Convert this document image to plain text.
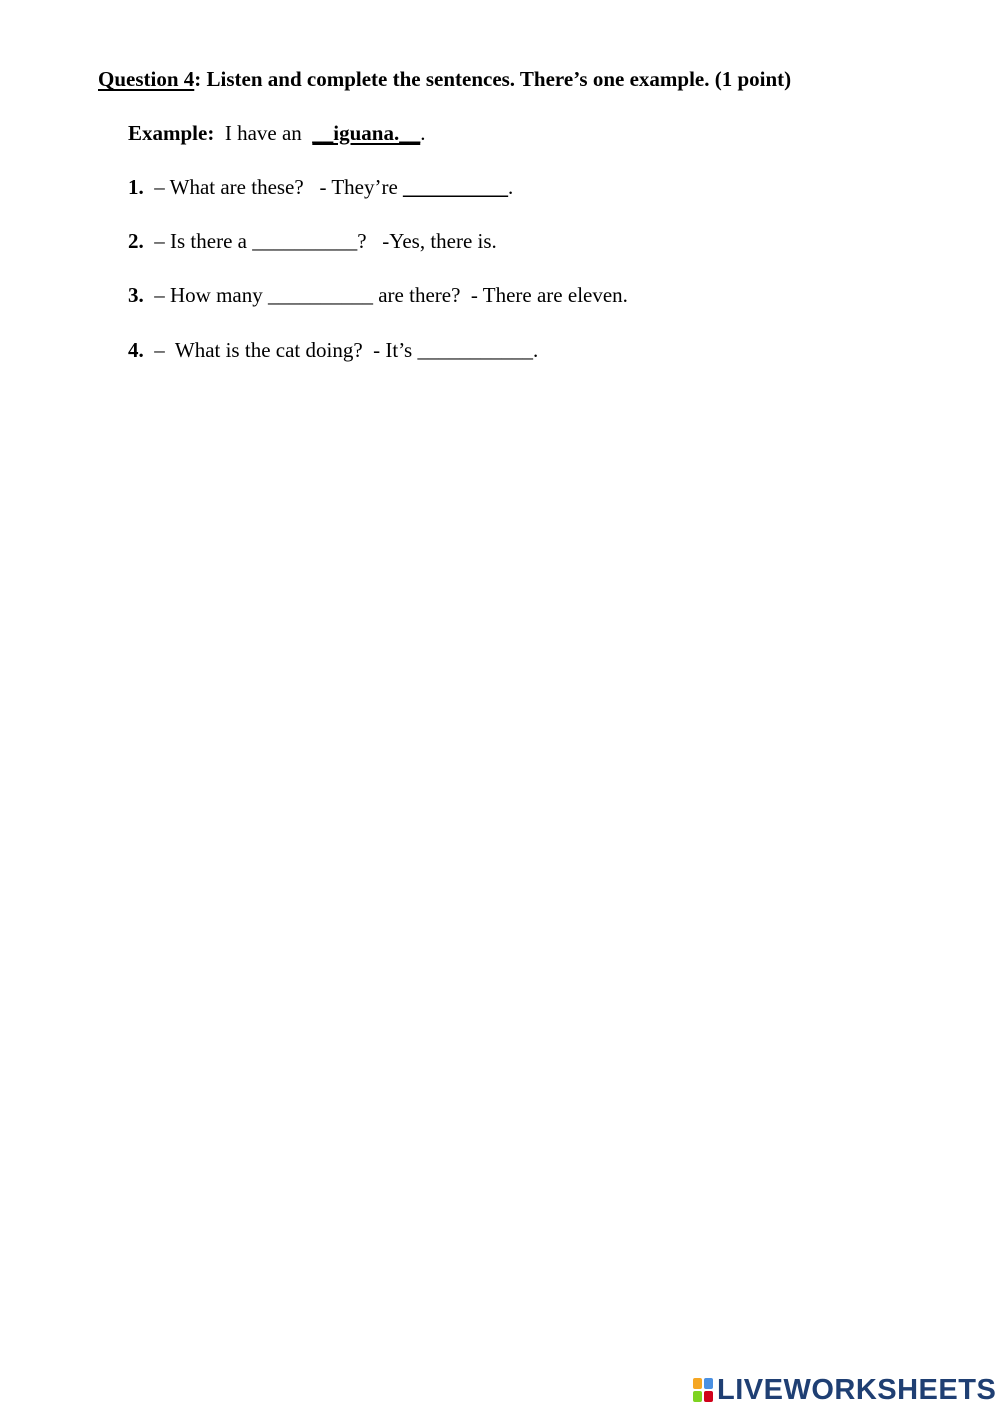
Question 4: Listen and complete the sentences. There’s one example. (1 point)
Example:  I have an  __iguana.__.
1.  – What are these?   - They’re __________.
2.  – Is there a __________?   -Yes, there is.
3.  – How many __________ are there?  - There are eleven.
4.  –  What is the cat doing?  - It’s ___________.
LIVEWORKSHEETS
